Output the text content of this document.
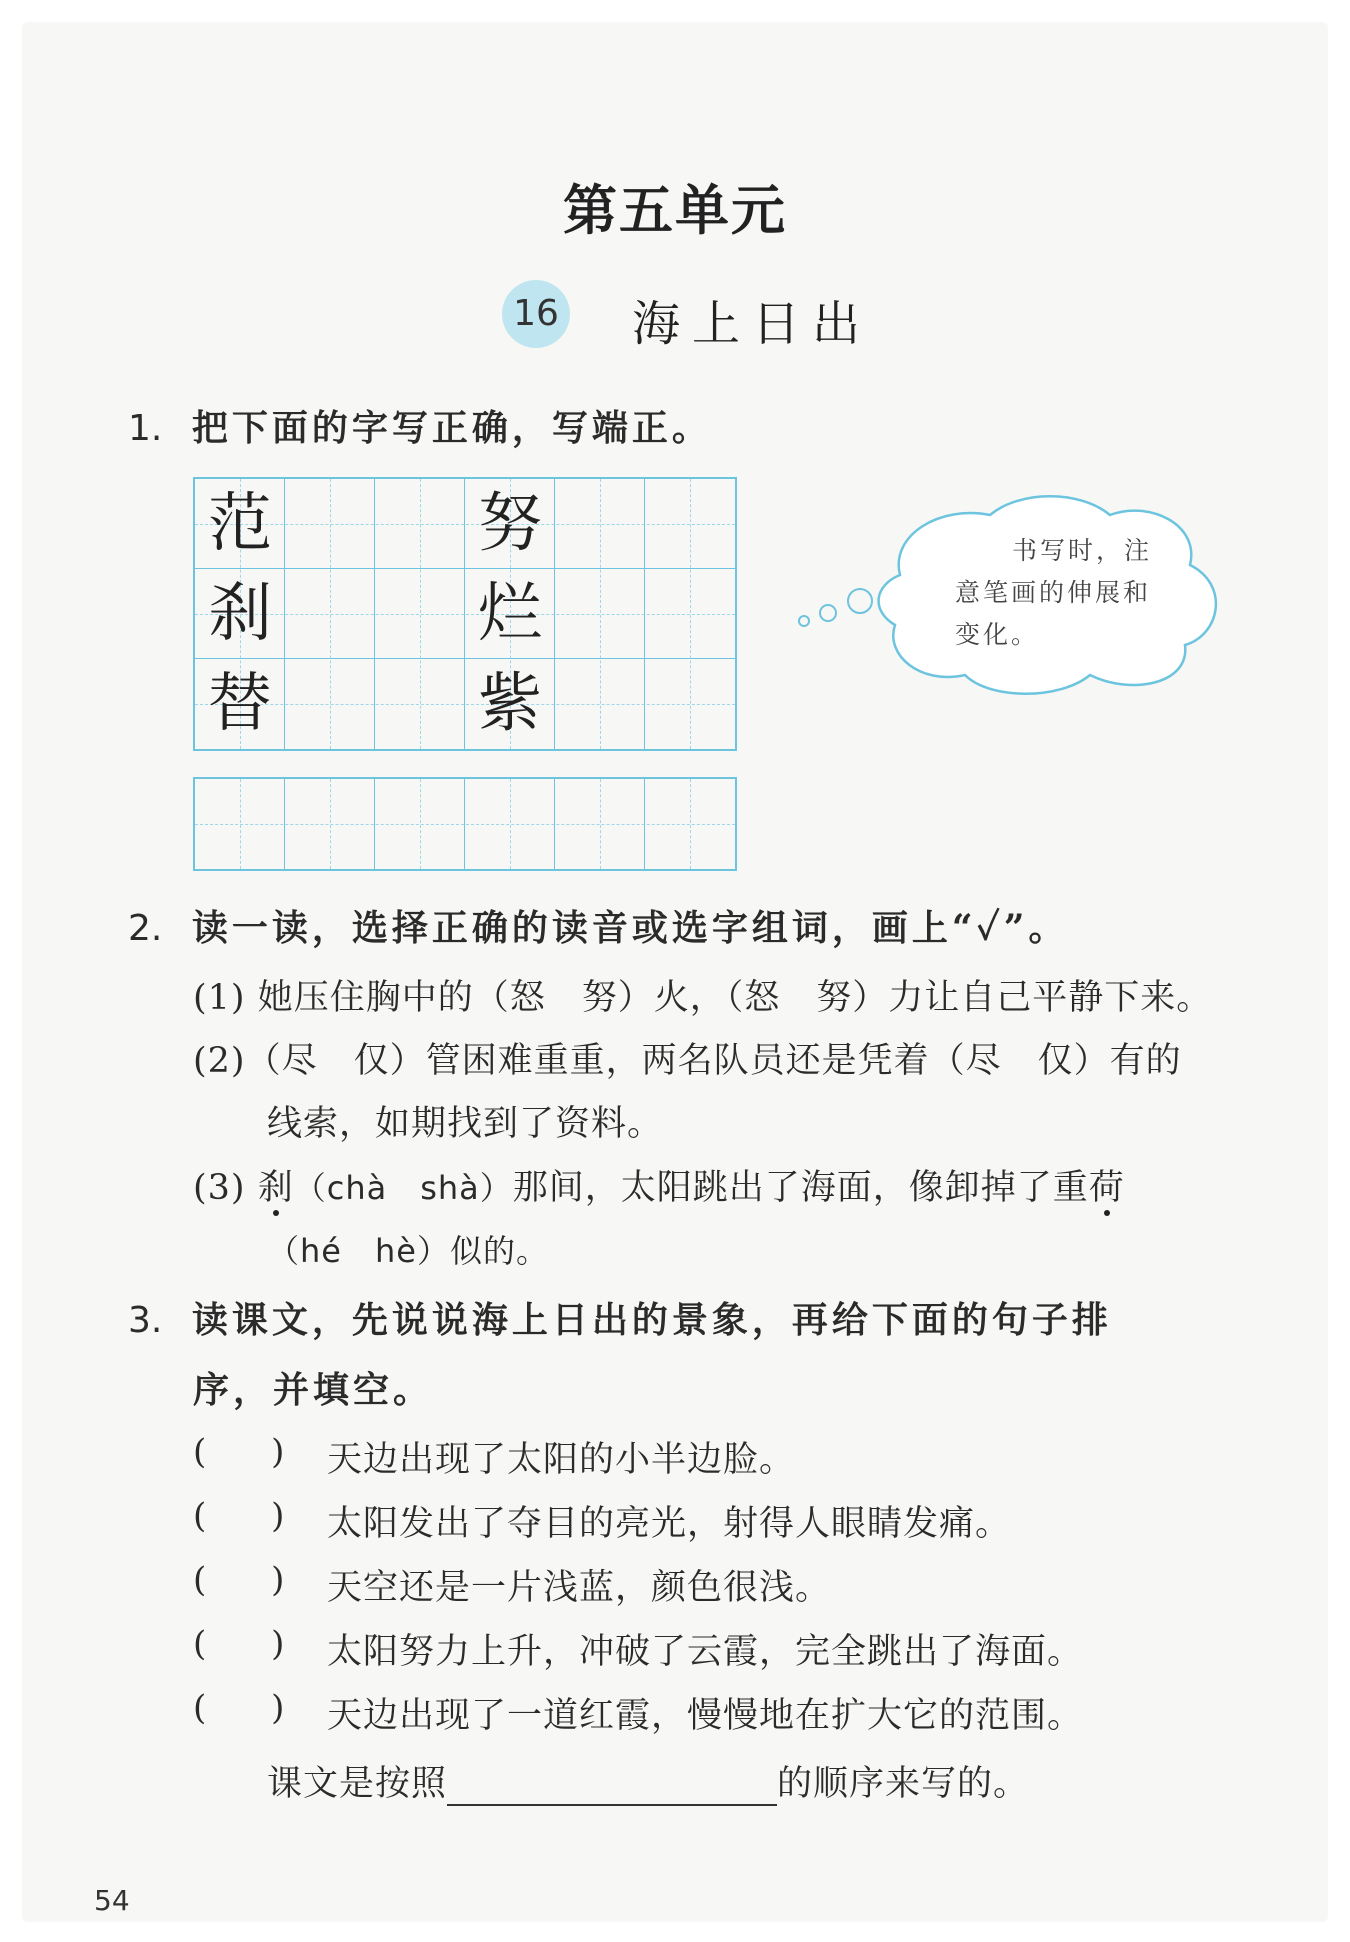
第五单元
16 海上日出
1. 把下面的字写正确，写端正。
范
刹
替
努
烂
紫
书写时，注
意笔画的伸展和
变化。
2. 读一读，选择正确的读音或选字组词，画上“✓”。
(1) 她压住胸中的（怒　努）火，（怒　努）力让自己平静下来。
(2)（尽　仅）管困难重重，两名队员还是凭着（尽　仅）有的
线索，如期找到了资料。
(3) 刹（chà　shà）那间，太阳跳出了海面，像卸掉了重荷
（hé　hè）似的。
3. 读课文，先说说海上日出的景象，再给下面的句子排
序，并填空。
(      ) 天边出现了太阳的小半边脸。
(      ) 太阳发出了夺目的亮光，射得人眼睛发痛。
(      ) 天空还是一片浅蓝，颜色很浅。
(      ) 太阳努力上升，冲破了云霞，完全跳出了海面。
(      ) 天边出现了一道红霞，慢慢地在扩大它的范围。
课文是按照	的顺序来写的。
54
